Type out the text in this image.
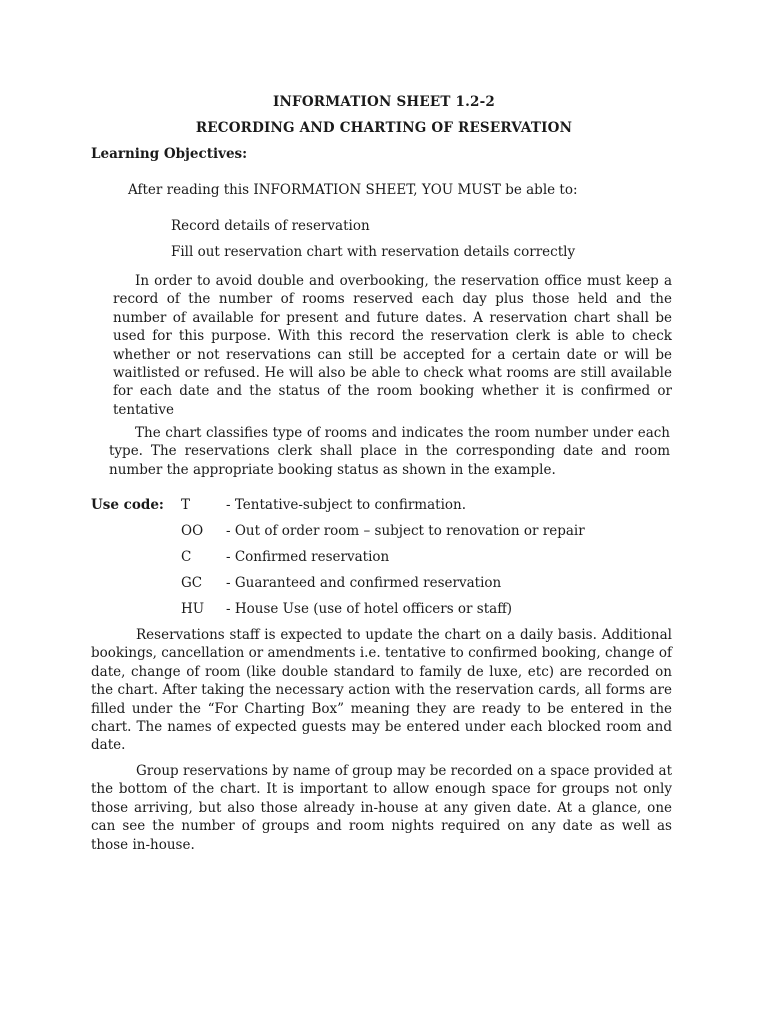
INFORMATION SHEET 1.2-2
RECORDING AND CHARTING OF RESERVATION
Learning Objectives:
After reading this INFORMATION SHEET, YOU MUST be able to:
Record details of reservation
Fill out reservation chart with reservation details correctly
In order to avoid double and overbooking, the reservation office must keep a record of the number of rooms reserved each day plus those held and the number of available for present and future dates. A reservation chart shall be used for this purpose. With this record the reservation clerk is able to check whether or not reservations can still be accepted for a certain date or will be waitlisted or refused. He will also be able to check what rooms are still available for each date and the status of the room booking whether it is confirmed or tentative
The chart classifies type of rooms and indicates the room number under each type. The reservations clerk shall place in the corresponding date and room number the appropriate booking status as shown in the example.
Use code: T	- Tentative-subject to confirmation.
OO - Out of order room – subject to renovation or repair
C	- Confirmed reservation
GC - Guaranteed and confirmed reservation
HU - House Use (use of hotel officers or staff)
Reservations staff is expected to update the chart on a daily basis. Additional bookings, cancellation or amendments i.e. tentative to confirmed booking, change of date, change of room (like double standard to family de luxe, etc) are recorded on the chart. After taking the necessary action with the reservation cards, all forms are filled under the “For Charting Box” meaning they are ready to be entered in the chart. The names of expected guests may be entered under each blocked room and date.
Group reservations by name of group may be recorded on a space provided at the bottom of the chart. It is important to allow enough space for groups not only those arriving, but also those already in-house at any given date. At a glance, one can see the number of groups and room nights required on any date as well as those in-house.
